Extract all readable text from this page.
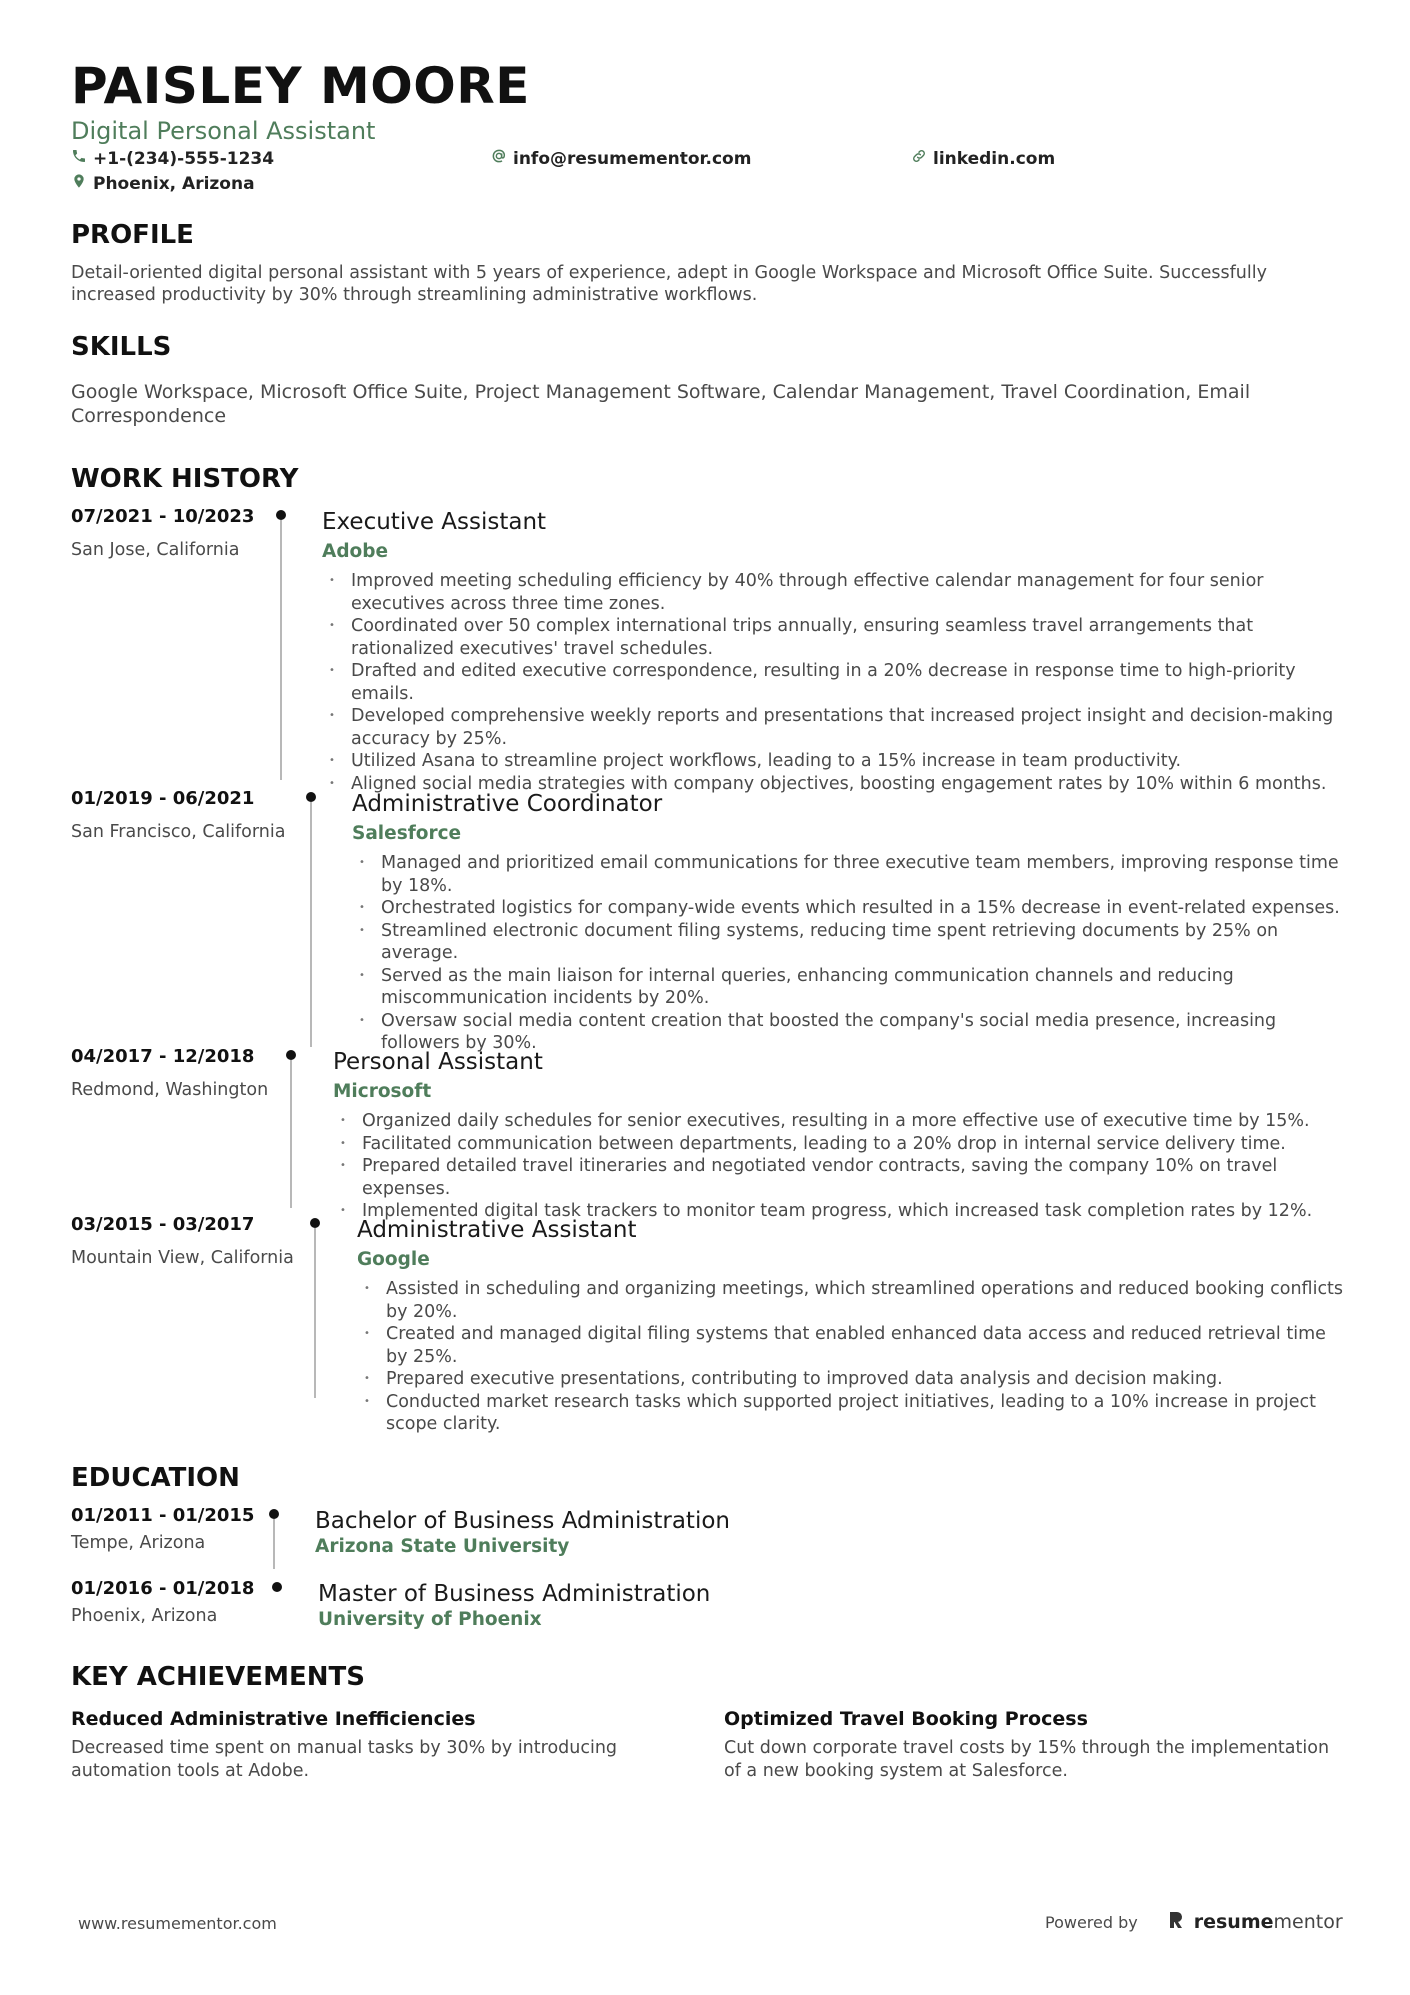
PAISLEY MOORE
Digital Personal Assistant
+1-(234)-555-1234	info@resumementor.com	linkedin.com
Phoenix, Arizona
PROFILE
Detail-oriented digital personal assistant with 5 years of experience, adept in Google Workspace and Microsoft Office Suite. Successfully increased productivity by 30% through streamlining administrative workflows.
SKILLS
Google Workspace, Microsoft Office Suite, Project Management Software, Calendar Management, Travel Coordination, Email Correspondence
WORK HISTORY
07/2021 - 10/2023
San Jose, California
Executive Assistant
Adobe
• Improved meeting scheduling efficiency by 40% through effective calendar management for four senior executives across three time zones.
• Coordinated over 50 complex international trips annually, ensuring seamless travel arrangements that rationalized executives' travel schedules.
• Drafted and edited executive correspondence, resulting in a 20% decrease in response time to high-priority emails.
• Developed comprehensive weekly reports and presentations that increased project insight and decision-making accuracy by 25%.
• Utilized Asana to streamline project workflows, leading to a 15% increase in team productivity.
• Aligned social media strategies with company objectives, boosting engagement rates by 10% within 6 months.
01/2019 - 06/2021
San Francisco, California
Administrative Coordinator
Salesforce
• Managed and prioritized email communications for three executive team members, improving response time by 18%.
• Orchestrated logistics for company-wide events which resulted in a 15% decrease in event-related expenses.
• Streamlined electronic document filing systems, reducing time spent retrieving documents by 25% on average.
• Served as the main liaison for internal queries, enhancing communication channels and reducing miscommunication incidents by 20%.
• Oversaw social media content creation that boosted the company's social media presence, increasing followers by 30%.
04/2017 - 12/2018
Redmond, Washington
Personal Assistant
Microsoft
• Organized daily schedules for senior executives, resulting in a more effective use of executive time by 15%.
• Facilitated communication between departments, leading to a 20% drop in internal service delivery time.
• Prepared detailed travel itineraries and negotiated vendor contracts, saving the company 10% on travel expenses.
• Implemented digital task trackers to monitor team progress, which increased task completion rates by 12%.
03/2015 - 03/2017
Mountain View, California
Administrative Assistant
Google
• Assisted in scheduling and organizing meetings, which streamlined operations and reduced booking conflicts by 20%.
• Created and managed digital filing systems that enabled enhanced data access and reduced retrieval time by 25%.
• Prepared executive presentations, contributing to improved data analysis and decision making.
• Conducted market research tasks which supported project initiatives, leading to a 10% increase in project scope clarity.
EDUCATION
01/2011 - 01/2015
Tempe, Arizona
Bachelor of Business Administration
Arizona State University
01/2016 - 01/2018
Phoenix, Arizona
Master of Business Administration
University of Phoenix
KEY ACHIEVEMENTS
Reduced Administrative Inefficiencies
Decreased time spent on manual tasks by 30% by introducing automation tools at Adobe.
Optimized Travel Booking Process
Cut down corporate travel costs by 15% through the implementation of a new booking system at Salesforce.
www.resumementor.com	Powered by	resumementor
